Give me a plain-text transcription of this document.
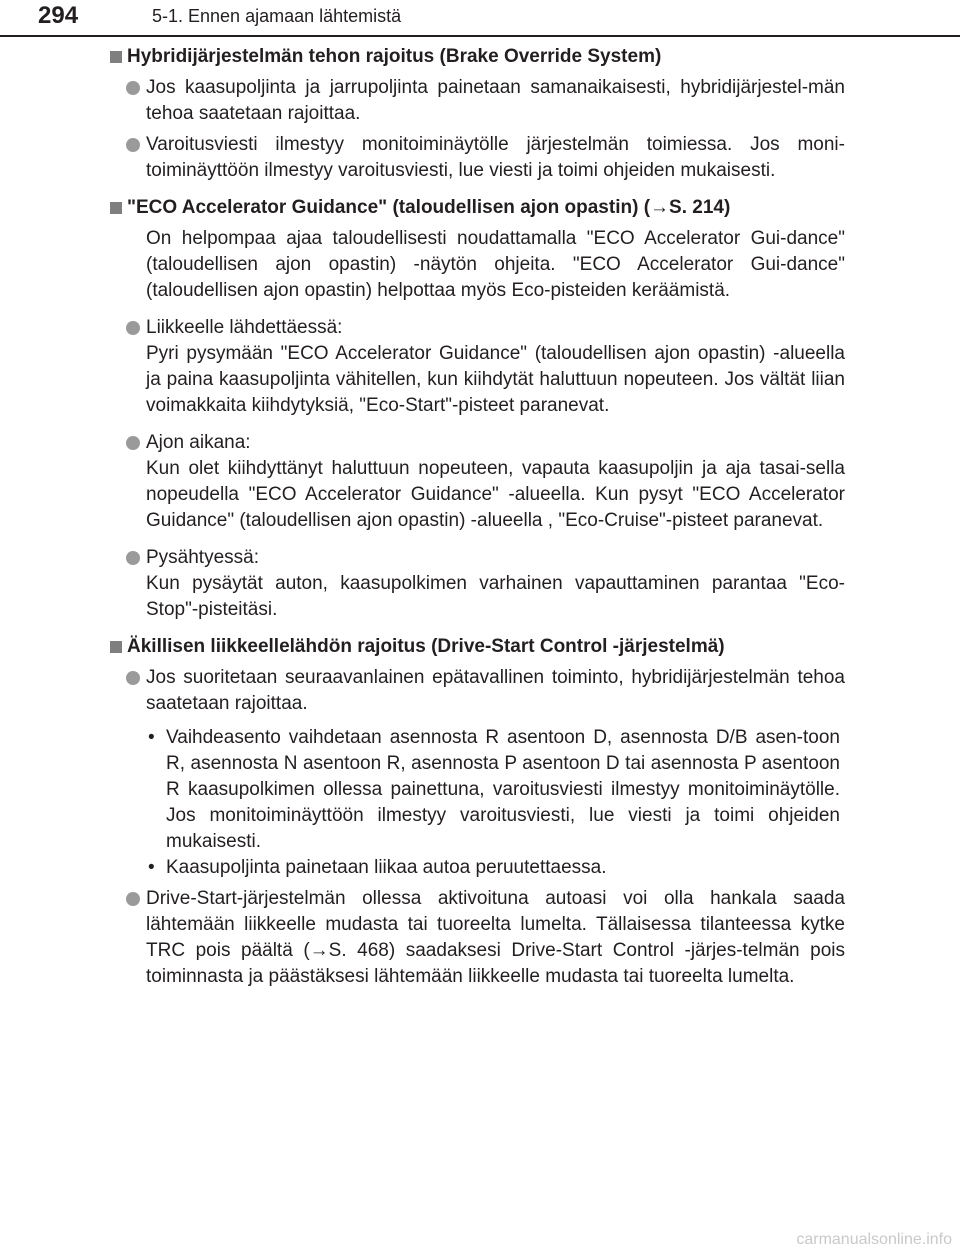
294	5-1. Ennen ajamaan lähtemistä
Hybridijärjestelmän tehon rajoitus (Brake Override System)
Jos kaasupoljinta ja jarrupoljinta painetaan samanaikaisesti, hybridijärjestel-män tehoa saatetaan rajoittaa.
Varoitusviesti ilmestyy monitoiminäytölle järjestelmän toimiessa. Jos moni-toiminäyttöön ilmestyy varoitusviesti, lue viesti ja toimi ohjeiden mukaisesti.
"ECO Accelerator Guidance" (taloudellisen ajon opastin) (→S. 214)
On helpompaa ajaa taloudellisesti noudattamalla "ECO Accelerator Gui-dance" (taloudellisen ajon opastin) -näytön ohjeita. "ECO Accelerator Gui-dance" (taloudellisen ajon opastin) helpottaa myös Eco-pisteiden keräämistä.
Liikkeelle lähdettäessä:
Pyri pysymään "ECO Accelerator Guidance" (taloudellisen ajon opastin) -alueella ja paina kaasupoljinta vähitellen, kun kiihdytät haluttuun nopeuteen. Jos vältät liian voimakkaita kiihdytyksiä, "Eco-Start"-pisteet paranevat.
Ajon aikana:
Kun olet kiihdyttänyt haluttuun nopeuteen, vapauta kaasupoljin ja aja tasai-sella nopeudella "ECO Accelerator Guidance" -alueella. Kun pysyt "ECO Accelerator Guidance" (taloudellisen ajon opastin) -alueella , "Eco-Cruise"-pisteet paranevat.
Pysähtyessä:
Kun pysäytät auton, kaasupolkimen varhainen vapauttaminen parantaa "Eco-Stop"-pisteitäsi.
Äkillisen liikkeellelähdön rajoitus (Drive-Start Control -järjestelmä)
Jos suoritetaan seuraavanlainen epätavallinen toiminto, hybridijärjestelmän tehoa saatetaan rajoittaa.
• Vaihdeasento vaihdetaan asennosta R asentoon D, asennosta D/B asen-toon R, asennosta N asentoon R, asennosta P asentoon D tai asennosta P asentoon R kaasupolkimen ollessa painettuna, varoitusviesti ilmestyy monitoiminäytölle. Jos monitoiminäyttöön ilmestyy varoitusviesti, lue viesti ja toimi ohjeiden mukaisesti.
• Kaasupoljinta painetaan liikaa autoa peruutettaessa.
Drive-Start-järjestelmän ollessa aktivoituna autoasi voi olla hankala saada lähtemään liikkeelle mudasta tai tuoreelta lumelta. Tällaisessa tilanteessa kytke TRC pois päältä (→S. 468) saadaksesi Drive-Start Control -järjes-telmän pois toiminnasta ja päästäksesi lähtemään liikkeelle mudasta tai tuoreelta lumelta.
carmanualsonline.info
